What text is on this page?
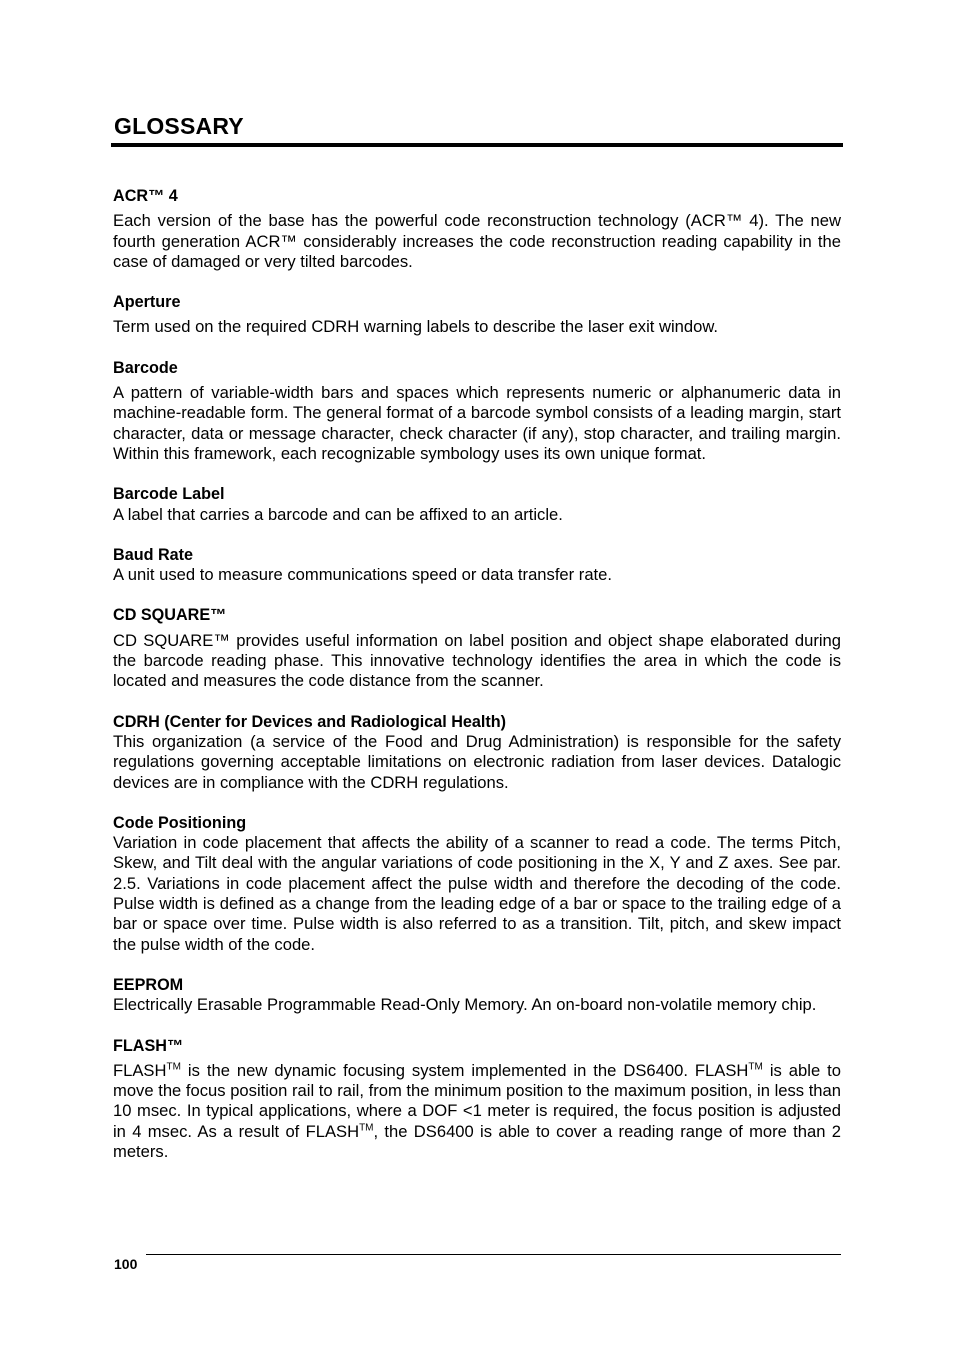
GLOSSARY

ACR™ 4

Each version of the base has the powerful code reconstruction technology (ACR™ 4). The new fourth generation ACR™ considerably increases the code reconstruction reading capability in the case of damaged or very tilted barcodes.

Aperture

Term used on the required CDRH warning labels to describe the laser exit window.

Barcode

A pattern of variable-width bars and spaces which represents numeric or alphanumeric data in machine-readable form. The general format of a barcode symbol consists of a leading margin, start character, data or message character, check character (if any), stop character, and trailing margin. Within this framework, each recognizable symbology uses its own unique format.

Barcode Label

A label that carries a barcode and can be affixed to an article.

Baud Rate

A unit used to measure communications speed or data transfer rate.

CD SQUARE™

CD SQUARE™ provides useful information on label position and object shape elaborated during the barcode reading phase. This innovative technology identifies the area in which the code is located and measures the code distance from the scanner.

CDRH (Center for Devices and Radiological Health)

This organization (a service of the Food and Drug Administration) is responsible for the safety regulations governing acceptable limitations on electronic radiation from laser devices. Datalogic devices are in compliance with the CDRH regulations.

Code Positioning

Variation in code placement that affects the ability of a scanner to read a code. The terms Pitch, Skew, and Tilt deal with the angular variations of code positioning in the X, Y and Z axes. See par. 2.5. Variations in code placement affect the pulse width and therefore the decoding of the code. Pulse width is defined as a change from the leading edge of a bar or space to the trailing edge of a bar or space over time. Pulse width is also referred to as a transition. Tilt, pitch, and skew impact the pulse width of the code.

EEPROM

Electrically Erasable Programmable Read-Only Memory. An on-board non-volatile memory chip.

FLASH™

FLASH™ is the new dynamic focusing system implemented in the DS6400. FLASH™ is able to move the focus position rail to rail, from the minimum position to the maximum position, in less than 10 msec. In typical applications, where a DOF <1 meter is required, the focus position is adjusted in 4 msec. As a result of FLASH™, the DS6400 is able to cover a reading range of more than 2 meters.

100
